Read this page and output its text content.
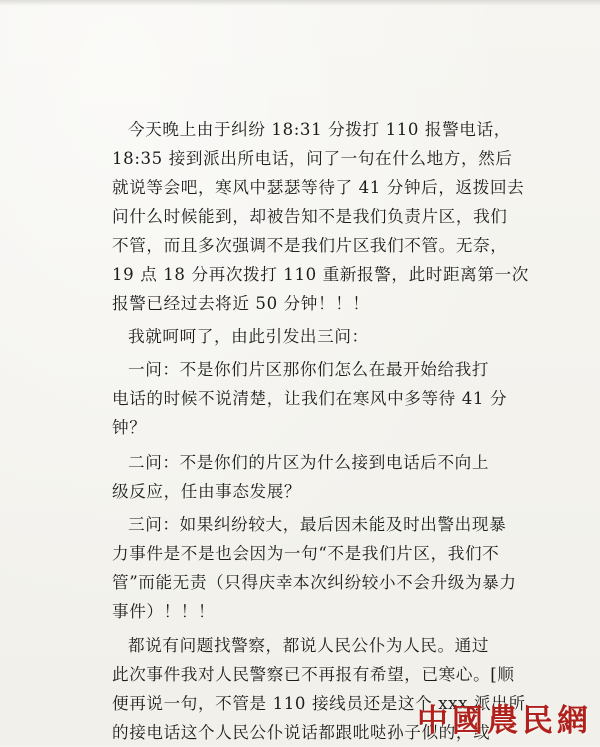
今天晚上由于纠纷 18:31 分拨打 110 报警电话，
18:35 接到派出所电话，问了一句在什么地方，然后
就说等会吧，寒风中瑟瑟等待了 41 分钟后，返拨回去
问什么时候能到，却被告知不是我们负责片区，我们
不管，而且多次强调不是我们片区我们不管。无奈，
19 点 18 分再次拨打 110 重新报警，此时距离第一次
报警已经过去将近 50 分钟！！！
我就呵呵了，由此引发出三问：
一问：不是你们片区那你们怎么在最开始给我打
电话的时候不说清楚，让我们在寒风中多等待 41 分
钟？
二问：不是你们的片区为什么接到电话后不向上
级反应，任由事态发展？
三问：如果纠纷较大，最后因未能及时出警出现暴
力事件是不是也会因为一句“不是我们片区，我们不
管”而能无责（只得庆幸本次纠纷较小不会升级为暴力
事件）！！！
都说有问题找警察，都说人民公仆为人民。通过
此次事件我对人民警察已不再报有希望，已寒心。[顺
便再说一句，不管是 110 接线员还是这个 xxx 派出所
的接电话这个人民公仆说话都跟吡哒孙子似的，或
中國農民網
